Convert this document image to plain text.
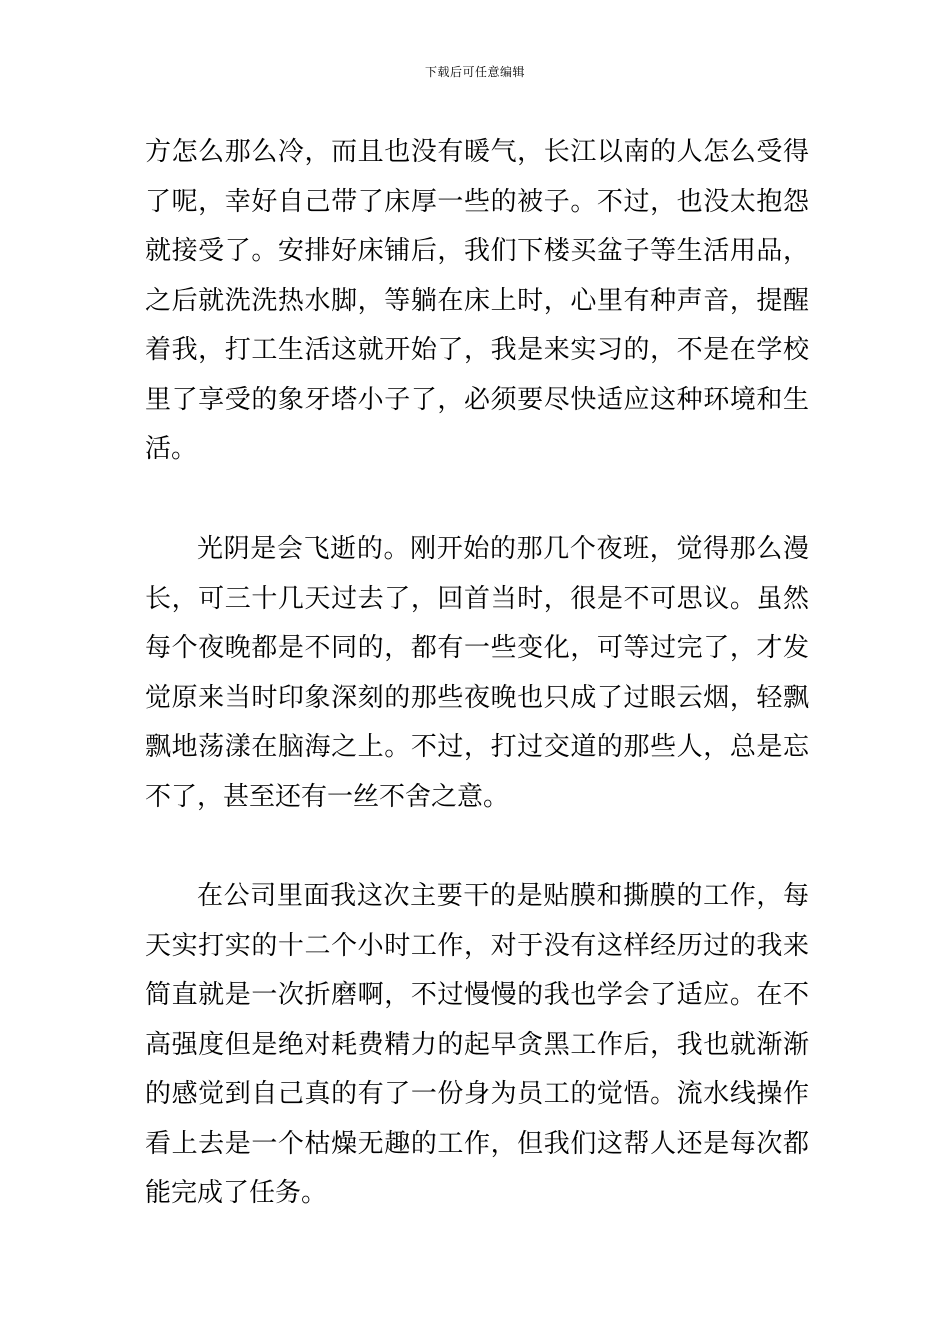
下载后可任意编辑

方怎么那么冷，而且也没有暖气，长江以南的人怎么受得了呢，幸好自己带了床厚一些的被子。不过，也没太抱怨就接受了。安排好床铺后，我们下楼买盆子等生活用品，之后就洗洗热水脚，等躺在床上时，心里有种声音，提醒着我，打工生活这就开始了，我是来实习的，不是在学校里了享受的象牙塔小子了，必须要尽快适应这种环境和生活。

光阴是会飞逝的。刚开始的那几个夜班，觉得那么漫长，可三十几天过去了，回首当时，很是不可思议。虽然每个夜晚都是不同的，都有一些变化，可等过完了，才发觉原来当时印象深刻的那些夜晚也只成了过眼云烟，轻飘飘地荡漾在脑海之上。不过，打过交道的那些人，总是忘不了，甚至还有一丝不舍之意。

在公司里面我这次主要干的是贴膜和撕膜的工作，每天实打实的十二个小时工作，对于没有这样经历过的我来简直就是一次折磨啊，不过慢慢的我也学会了适应。在不高强度但是绝对耗费精力的起早贪黑工作后，我也就渐渐的感觉到自己真的有了一份身为员工的觉悟。流水线操作看上去是一个枯燥无趣的工作，但我们这帮人还是每次都能完成了任务。
